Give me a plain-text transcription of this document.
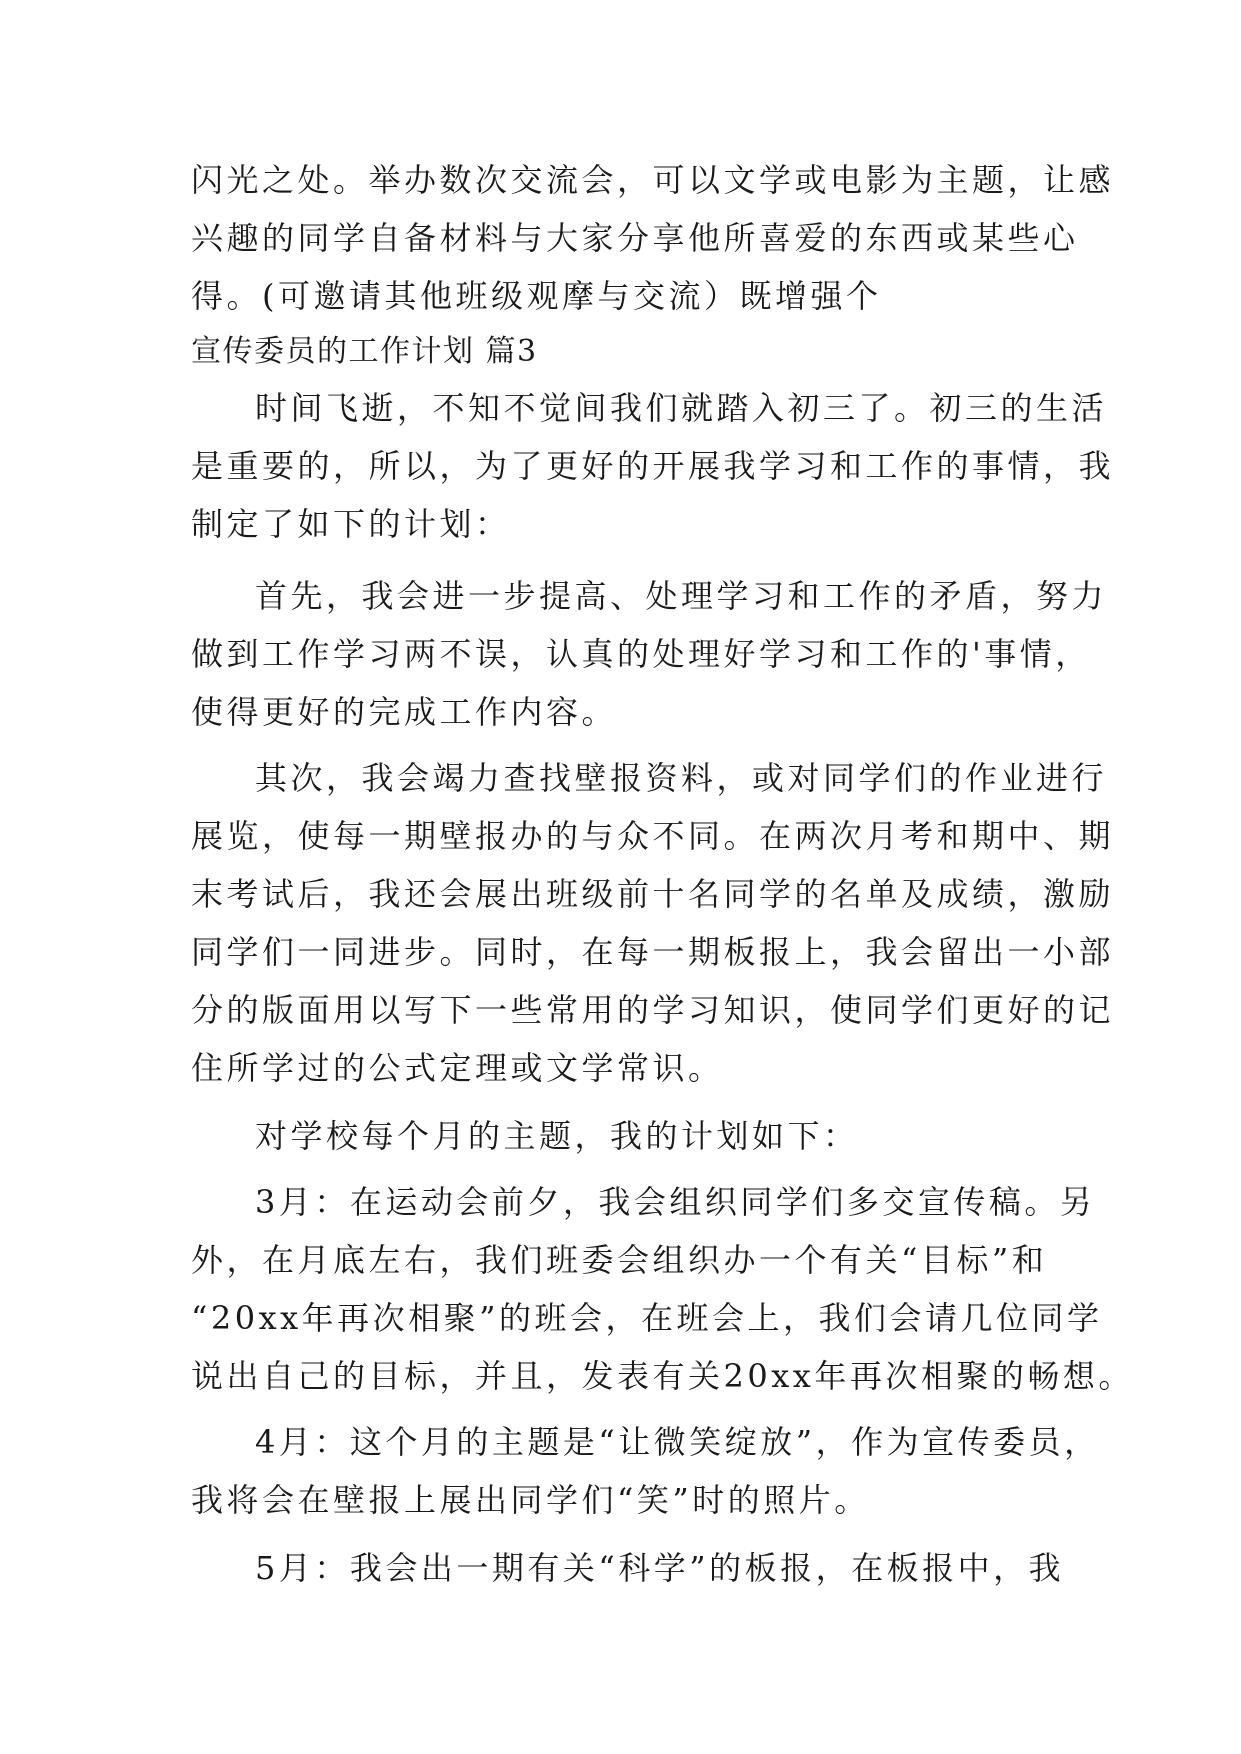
闪光之处。举办数次交流会，可以文学或电影为主题，让感
兴趣的同学自备材料与大家分享他所喜爱的东西或某些心
得。(可邀请其他班级观摩与交流）既增强个
宣传委员的工作计划 篇3
时间飞逝，不知不觉间我们就踏入初三了。初三的生活
是重要的，所以，为了更好的开展我学习和工作的事情，我
制定了如下的计划：
首先，我会进一步提高、处理学习和工作的矛盾，努力
做到工作学习两不误，认真的处理好学习和工作的'事情，
使得更好的完成工作内容。
其次，我会竭力查找壁报资料，或对同学们的作业进行
展览，使每一期壁报办的与众不同。在两次月考和期中、期
末考试后，我还会展出班级前十名同学的名单及成绩，激励
同学们一同进步。同时，在每一期板报上，我会留出一小部
分的版面用以写下一些常用的学习知识，使同学们更好的记
住所学过的公式定理或文学常识。
对学校每个月的主题，我的计划如下：
3月：在运动会前夕，我会组织同学们多交宣传稿。另
外，在月底左右，我们班委会组织办一个有关“目标”和
“20xx年再次相聚”的班会，在班会上，我们会请几位同学
说出自己的目标，并且，发表有关20xx年再次相聚的畅想。
4月：这个月的主题是“让微笑绽放”，作为宣传委员，
我将会在壁报上展出同学们“笑”时的照片。
5月：我会出一期有关“科学”的板报，在板报中，我
